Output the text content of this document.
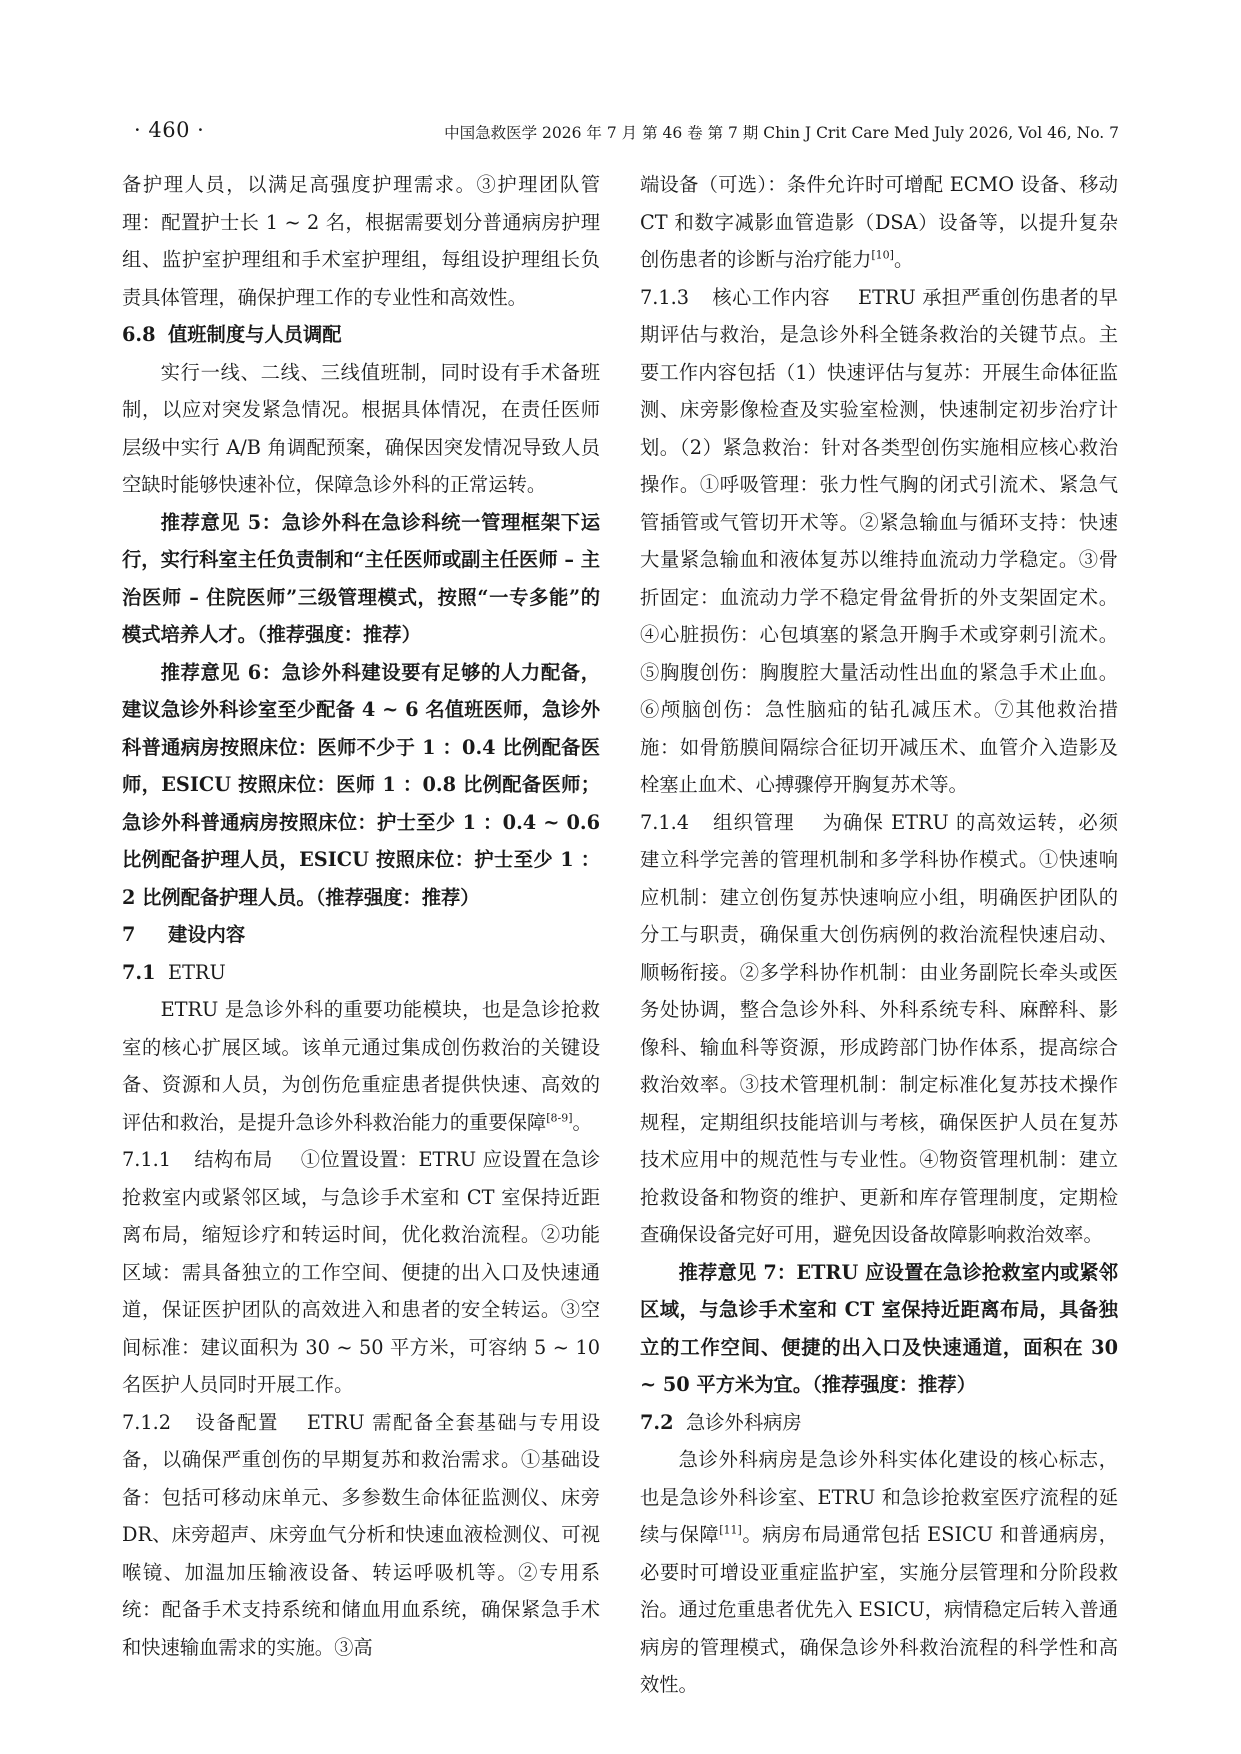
· 460 ·	中国急救医学 2026 年 7 月 第 46 卷 第 7 期 Chin J Crit Care Med July 2026, Vol 46, No. 7

备护理人员，以满足高强度护理需求。③护理团队管理：配置护士长 1 ~ 2 名，根据需要划分普通病房护理组、监护室护理组和手术室护理组，每组设护理组长负责具体管理，确保护理工作的专业性和高效性。

6.8 值班制度与人员调配

实行一线、二线、三线值班制，同时设有手术备班制，以应对突发紧急情况。根据具体情况，在责任医师层级中实行 A/B 角调配预案，确保因突发情况导致人员空缺时能够快速补位，保障急诊外科的正常运转。

推荐意见 5：急诊外科在急诊科统一管理框架下运行，实行科室主任负责制和“主任医师或副主任医师 – 主治医师 – 住院医师”三级管理模式，按照“一专多能”的模式培养人才。（推荐强度：推荐）

推荐意见 6：急诊外科建设要有足够的人力配备，建议急诊外科诊室至少配备 4 ~ 6 名值班医师，急诊外科普通病房按照床位：医师不少于 1 ：0.4 比例配备医师，ESICU 按照床位：医师 1 ：0.8 比例配备医师；急诊外科普通病房按照床位：护士至少 1 ：0.4 ~ 0.6 比例配备护理人员，ESICU 按照床位：护士至少 1 ：2 比例配备护理人员。（推荐强度：推荐）

7 建设内容

7.1 ETRU

ETRU 是急诊外科的重要功能模块，也是急诊抢救室的核心扩展区域。该单元通过集成创伤救治的关键设备、资源和人员，为创伤危重症患者提供快速、高效的评估和救治，是提升急诊外科救治能力的重要保障[8-9]。

7.1.1 结构布局 ①位置设置：ETRU 应设置在急诊抢救室内或紧邻区域，与急诊手术室和 CT 室保持近距离布局，缩短诊疗和转运时间，优化救治流程。②功能区域：需具备独立的工作空间、便捷的出入口及快速通道，保证医护团队的高效进入和患者的安全转运。③空间标准：建议面积为 30 ~ 50 平方米，可容纳 5 ~ 10 名医护人员同时开展工作。

7.1.2 设备配置 ETRU 需配备全套基础与专用设备，以确保严重创伤的早期复苏和救治需求。①基础设备：包括可移动床单元、多参数生命体征监测仪、床旁 DR、床旁超声、床旁血气分析和快速血液检测仪、可视喉镜、加温加压输液设备、转运呼吸机等。②专用系统：配备手术支持系统和储血用血系统，确保紧急手术和快速输血需求的实施。③高

端设备（可选）：条件允许时可增配 ECMO 设备、移动 CT 和数字减影血管造影（DSA）设备等，以提升复杂创伤患者的诊断与治疗能力[10]。

7.1.3 核心工作内容 ETRU 承担严重创伤患者的早期评估与救治，是急诊外科全链条救治的关键节点。主要工作内容包括（1）快速评估与复苏：开展生命体征监测、床旁影像检查及实验室检测，快速制定初步治疗计划。（2）紧急救治：针对各类型创伤实施相应核心救治操作。①呼吸管理：张力性气胸的闭式引流术、紧急气管插管或气管切开术等。②紧急输血与循环支持：快速大量紧急输血和液体复苏以维持血流动力学稳定。③骨折固定：血流动力学不稳定骨盆骨折的外支架固定术。④心脏损伤：心包填塞的紧急开胸手术或穿刺引流术。⑤胸腹创伤：胸腹腔大量活动性出血的紧急手术止血。⑥颅脑创伤：急性脑疝的钻孔减压术。⑦其他救治措施：如骨筋膜间隔综合征切开减压术、血管介入造影及栓塞止血术、心搏骤停开胸复苏术等。

7.1.4 组织管理 为确保 ETRU 的高效运转，必须建立科学完善的管理机制和多学科协作模式。①快速响应机制：建立创伤复苏快速响应小组，明确医护团队的分工与职责，确保重大创伤病例的救治流程快速启动、顺畅衔接。②多学科协作机制：由业务副院长牵头或医务处协调，整合急诊外科、外科系统专科、麻醉科、影像科、输血科等资源，形成跨部门协作体系，提高综合救治效率。③技术管理机制：制定标准化复苏技术操作规程，定期组织技能培训与考核，确保医护人员在复苏技术应用中的规范性与专业性。④物资管理机制：建立抢救设备和物资的维护、更新和库存管理制度，定期检查确保设备完好可用，避免因设备故障影响救治效率。

推荐意见 7：ETRU 应设置在急诊抢救室内或紧邻区域，与急诊手术室和 CT 室保持近距离布局，具备独立的工作空间、便捷的出入口及快速通道，面积在 30 ~ 50 平方米为宜。（推荐强度：推荐）

7.2 急诊外科病房

急诊外科病房是急诊外科实体化建设的核心标志，也是急诊外科诊室、ETRU 和急诊抢救室医疗流程的延续与保障[11]。病房布局通常包括 ESICU 和普通病房，必要时可增设亚重症监护室，实施分层管理和分阶段救治。通过危重患者优先入 ESICU，病情稳定后转入普通病房的管理模式，确保急诊外科救治流程的科学性和高效性。
